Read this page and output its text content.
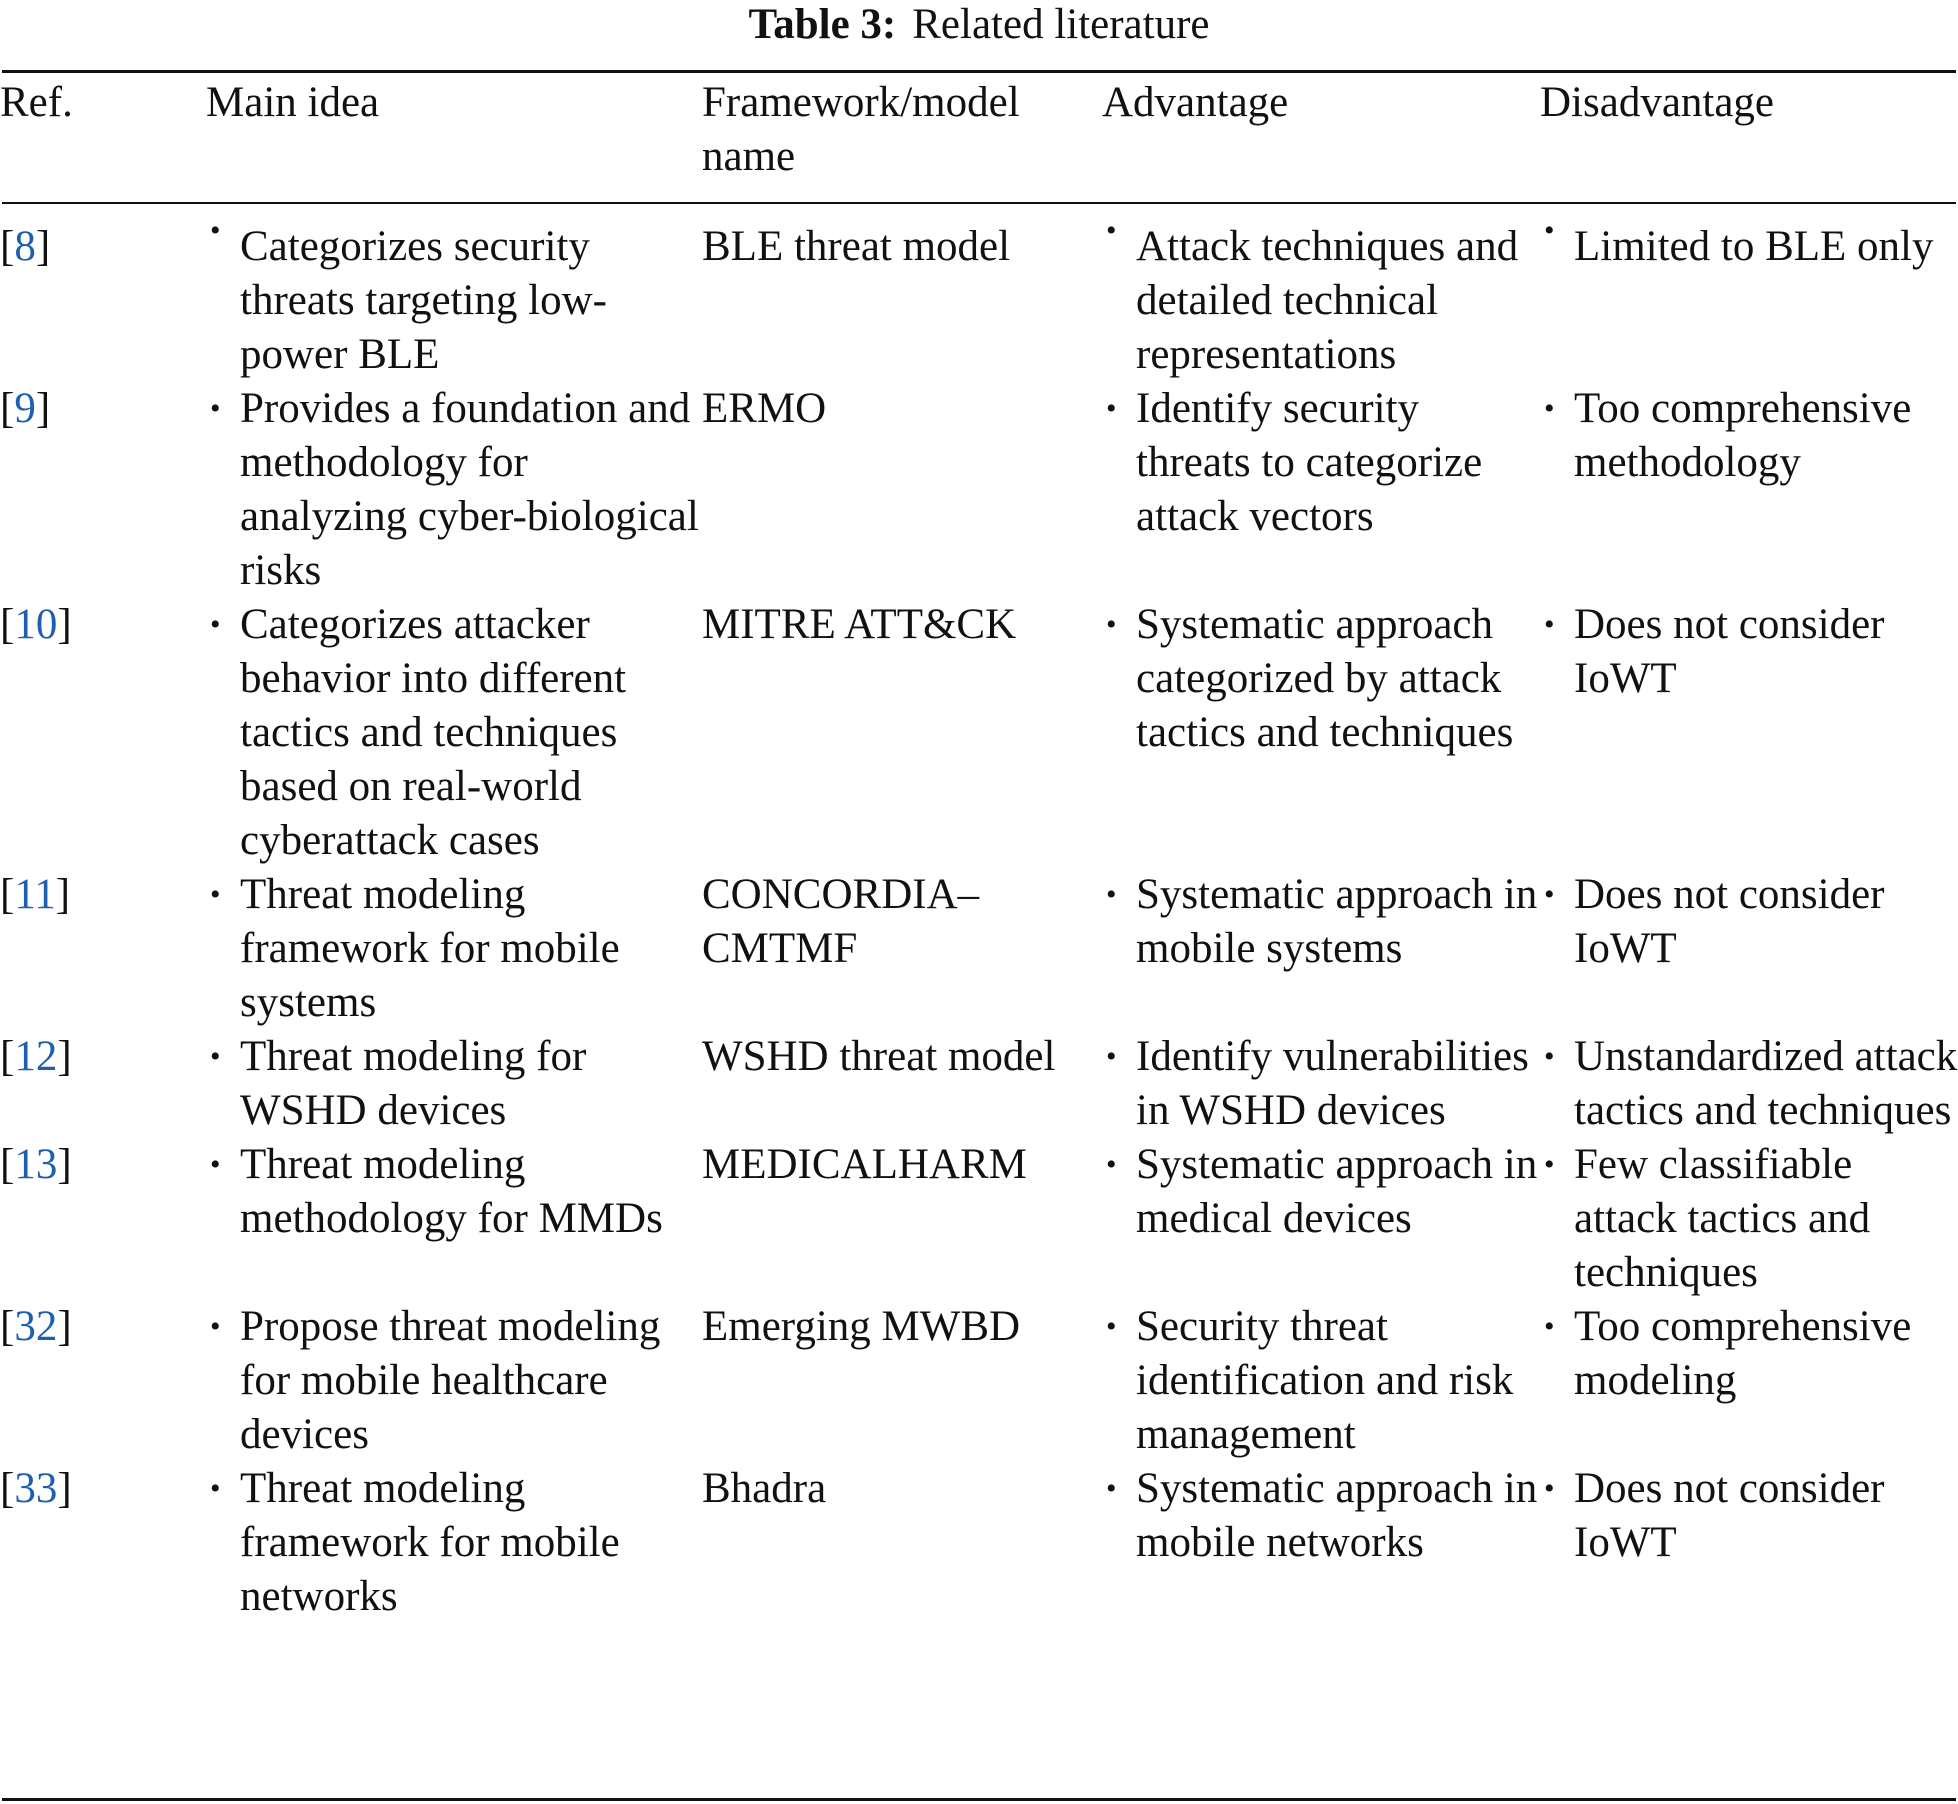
Table 3: Related literature
Ref.	Main idea	Framework/model name	Advantage	Disadvantage
[8]	• Categorizes security threats targeting low-power BLE	BLE threat model	• Attack techniques and detailed technical representations	• Limited to BLE only
[9]	• Provides a foundation and methodology for analyzing cyber-biological risks	ERMO	• Identify security threats to categorize attack vectors	• Too comprehensive methodology
[10]	• Categorizes attacker behavior into different tactics and techniques based on real-world cyberattack cases	MITRE ATT&CK	• Systematic approach categorized by attack tactics and techniques	• Does not consider IoWT
[11]	• Threat modeling framework for mobile systems	CONCORDIA–CMTMF	• Systematic approach in mobile systems	• Does not consider IoWT
[12]	• Threat modeling for WSHD devices	WSHD threat model	• Identify vulnerabilities in WSHD devices	• Unstandardized attack tactics and techniques
[13]	• Threat modeling methodology for MMDs	MEDICALHARM	• Systematic approach in medical devices	• Few classifiable attack tactics and techniques
[32]	• Propose threat modeling for mobile healthcare devices	Emerging MWBD	• Security threat identification and risk management	• Too comprehensive modeling
[33]	• Threat modeling framework for mobile networks	Bhadra	• Systematic approach in mobile networks	• Does not consider IoWT
